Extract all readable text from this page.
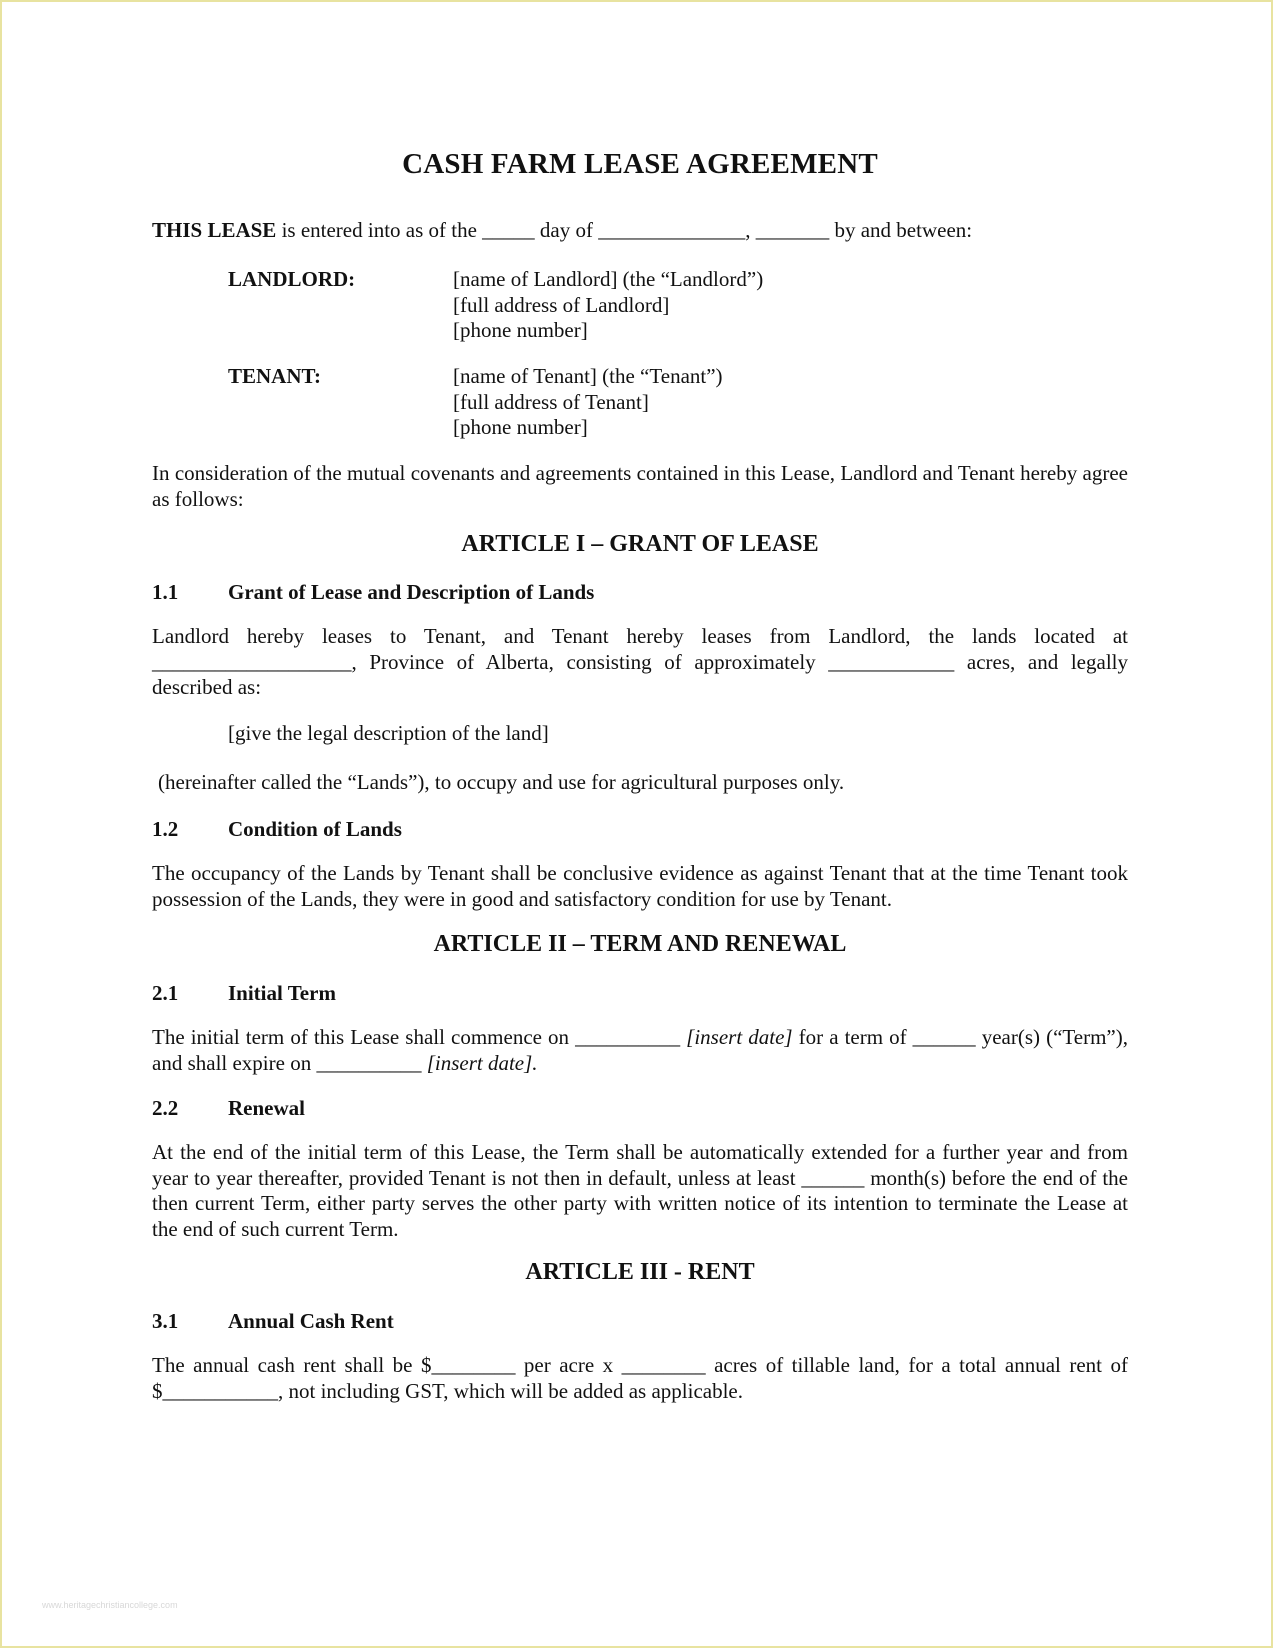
CASH FARM LEASE AGREEMENT
THIS LEASE is entered into as of the _____ day of ______________, _______ by and between:
LANDLORD:	[name of Landlord] (the “Landlord”)
[full address of Landlord]
[phone number]
TENANT:	[name of Tenant] (the “Tenant”)
[full address of Tenant]
[phone number]
In consideration of the mutual covenants and agreements contained in this Lease, Landlord and Tenant hereby agree as follows:
ARTICLE I – GRANT OF LEASE
1.1 Grant of Lease and Description of Lands
Landlord hereby leases to Tenant, and Tenant hereby leases from Landlord, the lands located at ___________________, Province of Alberta, consisting of approximately ____________ acres, and legally described as:
[give the legal description of the land]
(hereinafter called the “Lands”), to occupy and use for agricultural purposes only.
1.2 Condition of Lands
The occupancy of the Lands by Tenant shall be conclusive evidence as against Tenant that at the time Tenant took possession of the Lands, they were in good and satisfactory condition for use by Tenant.
ARTICLE II – TERM AND RENEWAL
2.1 Initial Term
The initial term of this Lease shall commence on __________ [insert date] for a term of ______ year(s) (“Term”), and shall expire on __________ [insert date].
2.2 Renewal
At the end of the initial term of this Lease, the Term shall be automatically extended for a further year and from year to year thereafter, provided Tenant is not then in default, unless at least ______ month(s) before the end of the then current Term, either party serves the other party with written notice of its intention to terminate the Lease at the end of such current Term.
ARTICLE III - RENT
3.1 Annual Cash Rent
The annual cash rent shall be $________ per acre x ________ acres of tillable land, for a total annual rent of $___________, not including GST, which will be added as applicable.
www.heritagechristiancollege.com
